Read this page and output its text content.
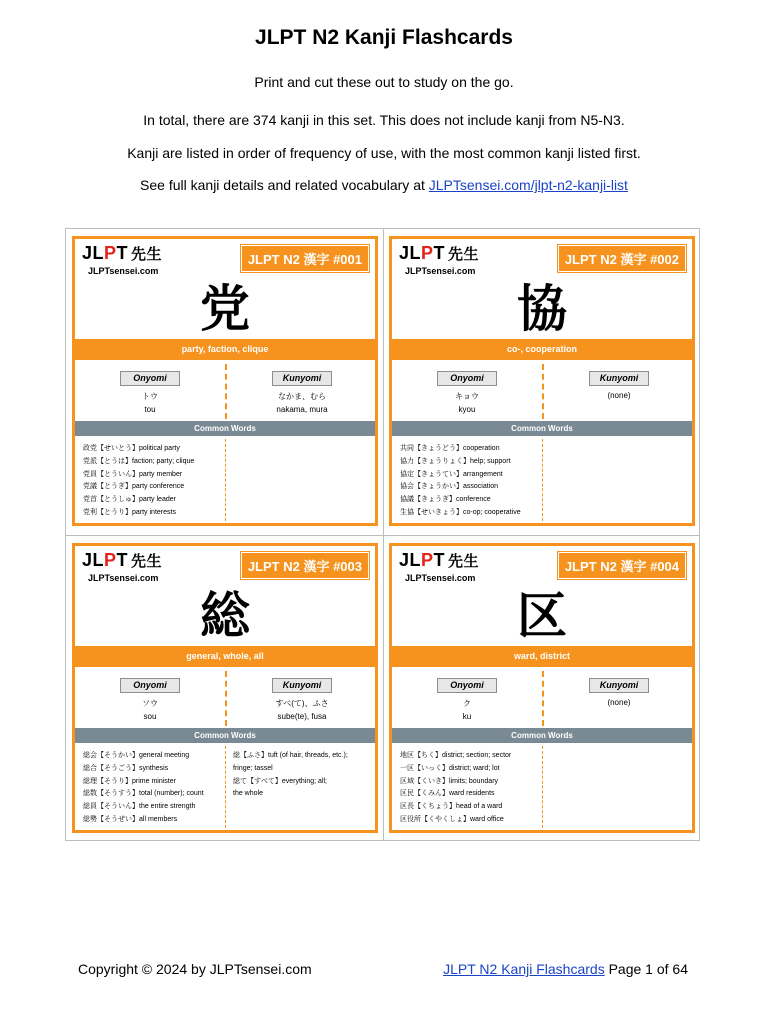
JLPT N2 Kanji Flashcards

Print and cut these out to study on the go.

In total, there are 374 kanji in this set. This does not include kanji from N5-N3.

Kanji are listed in order of frequency of use, with the most common kanji listed first.

See full kanji details and related vocabulary at JLPTsensei.com/jlpt-n2-kanji-list

JLPT 先生
JLPTsensei.com
JLPT N2 漢字 #001
党
party, faction, clique
Onyomi
トウ
tou
Kunyomi
なかま、むら
nakama, mura
Common Words
政党【せいとう】political party
党派【とうは】faction; party; clique
党員【とういん】party member
党議【とうぎ】party conference
党首【とうしゅ】party leader
党利【とうり】party interests
JLPT 先生
JLPTsensei.com
JLPT N2 漢字 #002
協
co-, cooperation
Onyomi
キョウ
kyou
Kunyomi
(none)
Common Words
共同【きょうどう】cooperation
協力【きょうりょく】help; support
協定【きょうてい】arrangement
協会【きょうかい】association
協議【きょうぎ】conference
生協【せいきょう】co-op; cooperative
JLPT 先生
JLPTsensei.com
JLPT N2 漢字 #003
総
general, whole, all
Onyomi
ソウ
sou
Kunyomi
すべ(て)、ふさ
sube(te), fusa
Common Words
総会【そうかい】general meeting
総合【そうごう】synthesis
総理【そうり】prime minister
総数【そうすう】total (number); count
総員【そういん】the entire strength
総勢【そうぜい】all members
総【ふさ】tuft (of hair, threads, etc.);
fringe; tassel
総て【すべて】everything; all;
the whole
JLPT 先生
JLPTsensei.com
JLPT N2 漢字 #004
区
ward, district
Onyomi
ク
ku
Kunyomi
(none)
Common Words
地区【ちく】district; section; sector
一区【いっく】district; ward; lot
区域【くいき】limits; boundary
区民【くみん】ward residents
区長【くちょう】head of a ward
区役所【くやくしょ】ward office
Copyright © 2024 by JLPTsensei.com	JLPT N2 Kanji Flashcards Page 1 of 64
